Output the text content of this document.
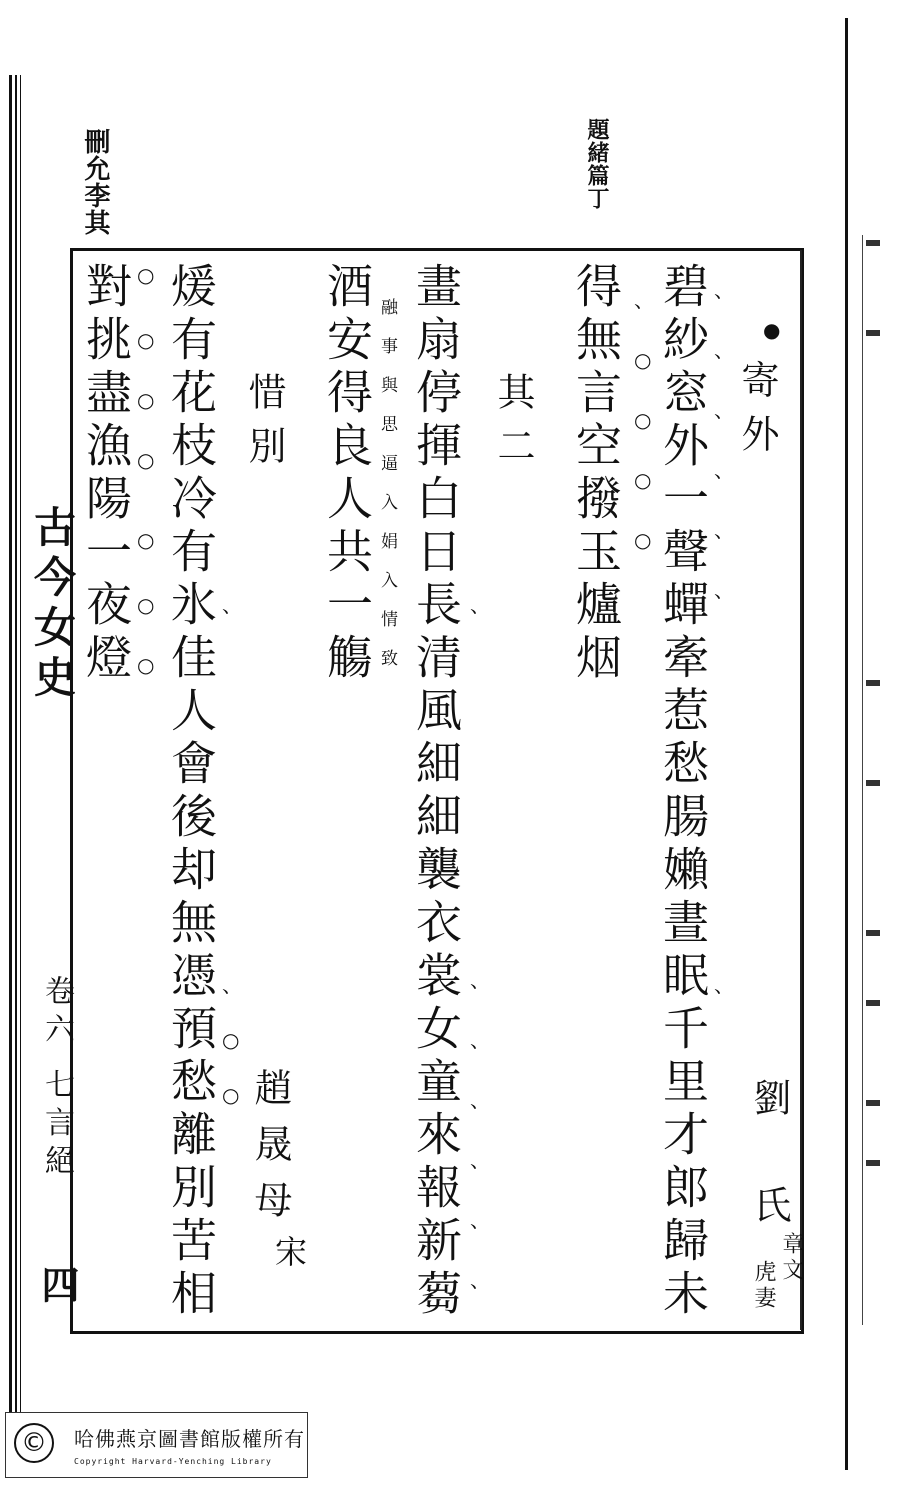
古今女史
卷六 七言絕
四
刪允李其	題緒篇丁
寄外
碧紗窓外一聲蟬牽惹愁腸嬾晝眠千里才郎歸未
得無言空撥玉爐烟
劉
氏
章文
虎妻
其二
畫扇停揮白日長清風細細襲衣裳女童來報新蒭
酒安得良人共一觴 融事與思逼入娟入情致
惜別
趙晟母
宋
煖有花枝冷有氷佳人會後却無憑預愁離別苦相
對挑盡漁陽一夜燈	●
、
、
、
、
、
、
、
○
○
○
○
、
、
、
、
、
、
、
、
○
○
○
○
○
○
○
、
、
○
○
©	哈佛燕京圖書館版權所有
Copyright Harvard-Yenching Library
